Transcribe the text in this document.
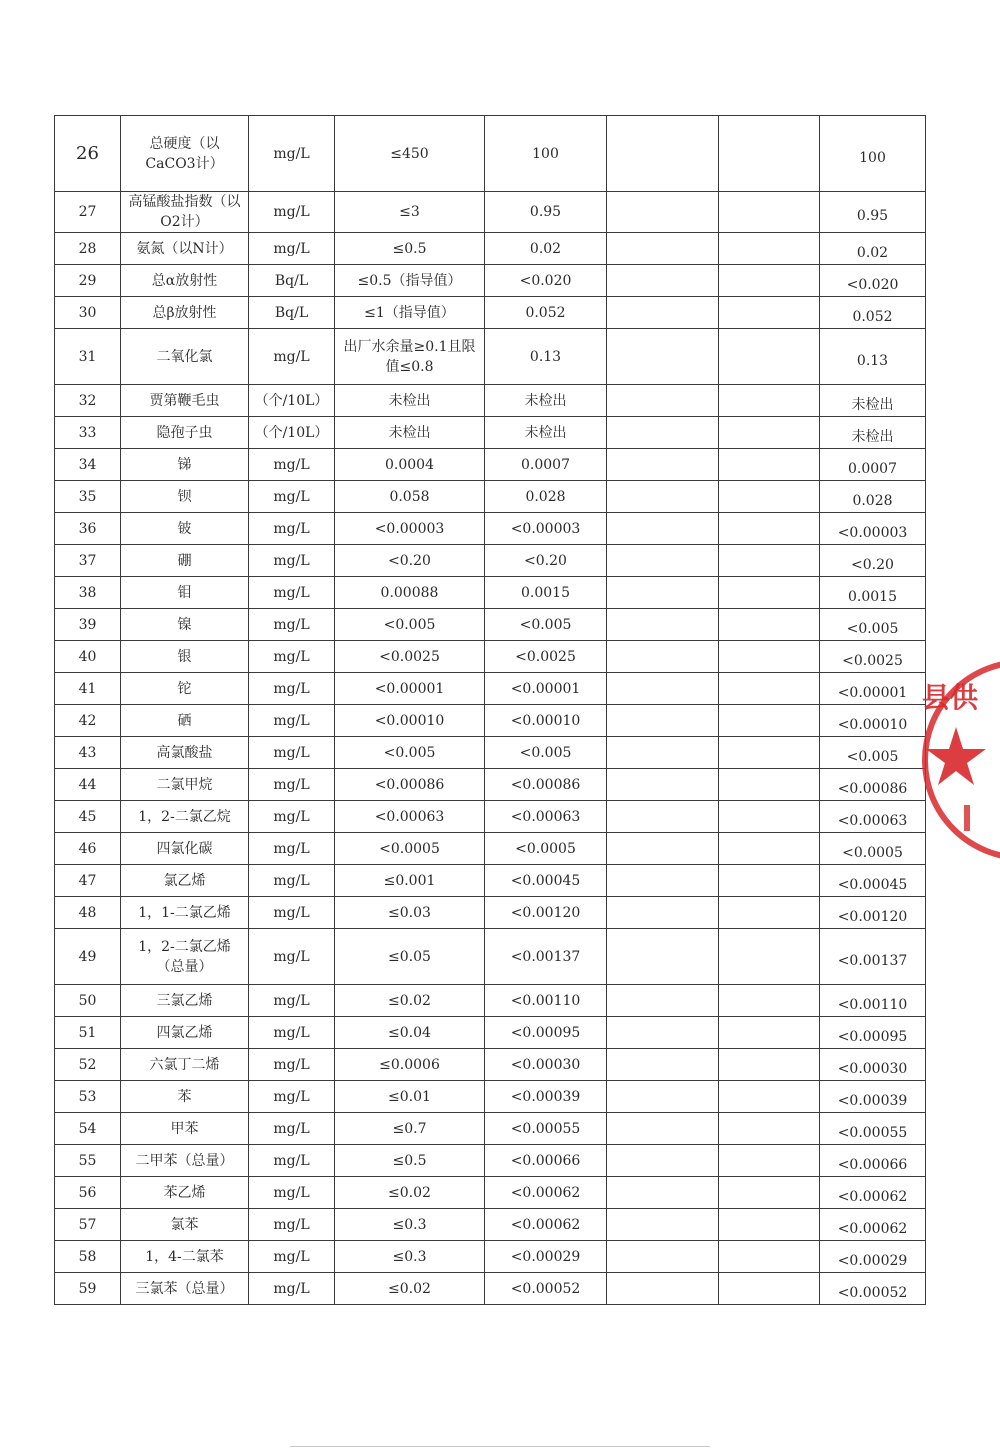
26	总硬度（以CaCO3计）	mg/L	≤450	100			100
27	高锰酸盐指数（以O2计）	mg/L	≤3	0.95			0.95
28	氨氮（以N计）	mg/L	≤0.5	0.02			0.02
29	总α放射性	Bq/L	≤0.5（指导值）	<0.020			<0.020
30	总β放射性	Bq/L	≤1（指导值）	0.052			0.052
31	二氧化氯	mg/L	出厂水余量≥0.1且限值≤0.8	0.13			0.13
32	贾第鞭毛虫	（个/10L）	未检出	未检出			未检出
33	隐孢子虫	（个/10L）	未检出	未检出			未检出
34	锑	mg/L	0.0004	0.0007			0.0007
35	钡	mg/L	0.058	0.028			0.028
36	铍	mg/L	<0.00003	<0.00003			<0.00003
37	硼	mg/L	<0.20	<0.20			<0.20
38	钼	mg/L	0.00088	0.0015			0.0015
39	镍	mg/L	<0.005	<0.005			<0.005
40	银	mg/L	<0.0025	<0.0025			<0.0025
41	铊	mg/L	<0.00001	<0.00001			<0.00001
42	硒	mg/L	<0.00010	<0.00010			<0.00010
43	高氯酸盐	mg/L	<0.005	<0.005			<0.005
44	二氯甲烷	mg/L	<0.00086	<0.00086			<0.00086
45	1，2-二氯乙烷	mg/L	<0.00063	<0.00063			<0.00063
46	四氯化碳	mg/L	<0.0005	<0.0005			<0.0005
47	氯乙烯	mg/L	≤0.001	<0.00045			<0.00045
48	1，1-二氯乙烯	mg/L	≤0.03	<0.00120			<0.00120
49	1，2-二氯乙烯（总量）	mg/L	≤0.05	<0.00137			<0.00137
50	三氯乙烯	mg/L	≤0.02	<0.00110			<0.00110
51	四氯乙烯	mg/L	≤0.04	<0.00095			<0.00095
52	六氯丁二烯	mg/L	≤0.0006	<0.00030			<0.00030
53	苯	mg/L	≤0.01	<0.00039			<0.00039
54	甲苯	mg/L	≤0.7	<0.00055			<0.00055
55	二甲苯（总量）	mg/L	≤0.5	<0.00066			<0.00066
56	苯乙烯	mg/L	≤0.02	<0.00062			<0.00062
57	氯苯	mg/L	≤0.3	<0.00062			<0.00062
58	1，4-二氯苯	mg/L	≤0.3	<0.00029			<0.00029
59	三氯苯（总量）	mg/L	≤0.02	<0.00052			<0.00052
县供
